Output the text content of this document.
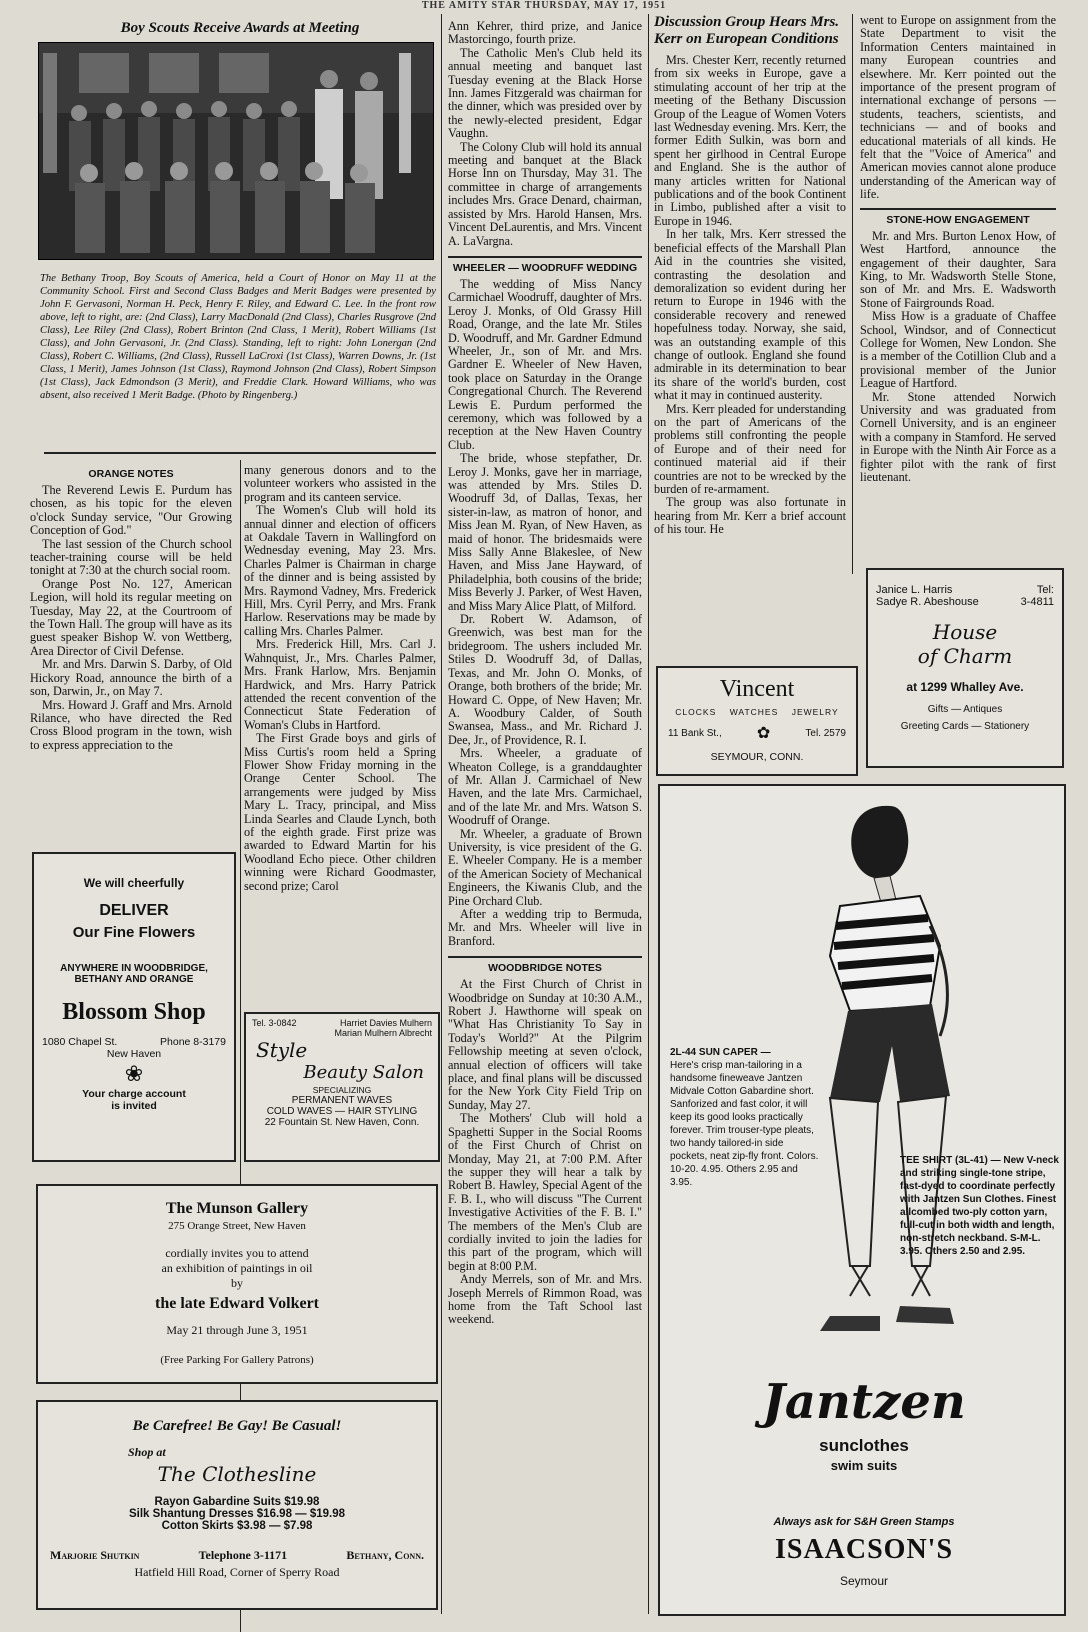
THE AMITY STAR THURSDAY, MAY 17, 1951
Boy Scouts Receive Awards at Meeting
The Bethany Troop, Boy Scouts of America, held a Court of Honor on May 11 at the Community School. First and Second Class Badges and Merit Badges were presented by John F. Gervasoni, Norman H. Peck, Henry F. Riley, and Edward C. Lee. In the front row above, left to right, are: (2nd Class), Larry MacDonald (2nd Class), Charles Rusgrove (2nd Class), Lee Riley (2nd Class), Robert Brinton (2nd Class, 1 Merit), Robert Williams (1st Class), and John Gervasoni, Jr. (2nd Class). Standing, left to right: John Lonergan (2nd Class), Robert C. Williams, (2nd Class), Russell LaCroxi (1st Class), Warren Downs, Jr. (1st Class, 1 Merit), James Johnson (1st Class), Raymond Johnson (2nd Class), Robert Simpson (1st Class), Jack Edmondson (3 Merit), and Freddie Clark. Howard Williams, who was absent, also received 1 Merit Badge. (Photo by Ringenberg.)
ORANGE NOTES

The Reverend Lewis E. Purdum has chosen, as his topic for the eleven o'clock Sunday service, "Our Growing Conception of God."

The last session of the Church school teacher-training course will be held tonight at 7:30 at the church social room.

Orange Post No. 127, American Legion, will hold its regular meeting on Tuesday, May 22, at the Courtroom of the Town Hall. The group will have as its guest speaker Bishop W. von Wettberg, Area Director of Civil Defense.

Mr. and Mrs. Darwin S. Darby, of Old Hickory Road, announce the birth of a son, Darwin, Jr., on May 7.

Mrs. Howard J. Graff and Mrs. Arnold Rilance, who have directed the Red Cross Blood program in the town, wish to express appreciation to the

many generous donors and to the volunteer workers who assisted in the program and its canteen service.

The Women's Club will hold its annual dinner and election of officers at Oakdale Tavern in Wallingford on Wednesday evening, May 23. Mrs. Charles Palmer is Chairman in charge of the dinner and is being assisted by Mrs. Raymond Vadney, Mrs. Frederick Hill, Mrs. Cyril Perry, and Mrs. Frank Harlow. Reservations may be made by calling Mrs. Charles Palmer.

Mrs. Frederick Hill, Mrs. Carl J. Wahnquist, Jr., Mrs. Charles Palmer, Mrs. Frank Harlow, Mrs. Benjamin Hardwick, and Mrs. Harry Patrick attended the recent convention of the Connecticut State Federation of Woman's Clubs in Hartford.

The First Grade boys and girls of Miss Curtis's room held a Spring Flower Show Friday morning in the Orange Center School. The arrangements were judged by Miss Mary L. Tracy, principal, and Miss Linda Searles and Claude Lynch, both of the eighth grade. First prize was awarded to Edward Martin for his Woodland Echo piece. Other children winning were Richard Goodmaster, second prize; Carol

We will cheerfully
DELIVER
Our Fine Flowers
ANYWHERE IN WOODBRIDGE,
BETHANY AND ORANGE
Blossom Shop
1080 Chapel St.	Phone 8-3179
New Haven
❀
Your charge account
is invited
Tel. 3-0842	Harriet Davies Mulhern
Marian Mulhern Albrecht
Style
Beauty Salon
SPECIALIZING
PERMANENT WAVES
COLD WAVES — HAIR STYLING
22 Fountain St. New Haven, Conn.
The Munson Gallery
275 Orange Street, New Haven
cordially invites you to attend
an exhibition of paintings in oil
by
the late Edward Volkert
May 21 through June 3, 1951
(Free Parking For Gallery Patrons)
Be Carefree! Be Gay! Be Casual!
Shop at
The Clothesline
Rayon Gabardine Suits $19.98
Silk Shantung Dresses $16.98 — $19.98
Cotton Skirts $3.98 — $7.98
Marjorie Shutkin	Telephone 3-1171	Bethany, Conn.
Hatfield Hill Road, Corner of Sperry Road

Ann Kehrer, third prize, and Janice Mastorcingo, fourth prize.

The Catholic Men's Club held its annual meeting and banquet last Tuesday evening at the Black Horse Inn. James Fitzgerald was chairman for the dinner, which was presided over by the newly-elected president, Edgar Vaughn.

The Colony Club will hold its annual meeting and banquet at the Black Horse Inn on Thursday, May 31. The committee in charge of arrangements includes Mrs. Grace Denard, chairman, assisted by Mrs. Harold Hansen, Mrs. Vincent DeLaurentis, and Mrs. Vincent A. LaVargna.

WHEELER — WOODRUFF WEDDING

The wedding of Miss Nancy Carmichael Woodruff, daughter of Mrs. Leroy J. Monks, of Old Grassy Hill Road, Orange, and the late Mr. Stiles D. Woodruff, and Mr. Gardner Edmund Wheeler, Jr., son of Mr. and Mrs. Gardner E. Wheeler of New Haven, took place on Saturday in the Orange Congregational Church. The Reverend Lewis E. Purdum performed the ceremony, which was followed by a reception at the New Haven Country Club.

The bride, whose stepfather, Dr. Leroy J. Monks, gave her in marriage, was attended by Mrs. Stiles D. Woodruff 3d, of Dallas, Texas, her sister-in-law, as matron of honor, and Miss Jean M. Ryan, of New Haven, as maid of honor. The bridesmaids were Miss Sally Anne Blakeslee, of New Haven, and Miss Jane Hayward, of Philadelphia, both cousins of the bride; Miss Beverly J. Parker, of West Haven, and Miss Mary Alice Platt, of Milford.

Dr. Robert W. Adamson, of Greenwich, was best man for the bridegroom. The ushers included Mr. Stiles D. Woodruff 3d, of Dallas, Texas, and Mr. John O. Monks, of Orange, both brothers of the bride; Mr. Howard C. Oppe, of New Haven; Mr. A. Woodbury Calder, of South Swansea, Mass., and Mr. Richard J. Dee, Jr., of Providence, R. I.

Mrs. Wheeler, a graduate of Wheaton College, is a granddaughter of Mr. Allan J. Carmichael of New Haven, and the late Mrs. Carmichael, and of the late Mr. and Mrs. Watson S. Woodruff of Orange.

Mr. Wheeler, a graduate of Brown University, is vice president of the G. E. Wheeler Company. He is a member of the American Society of Mechanical Engineers, the Kiwanis Club, and the Pine Orchard Club.

After a wedding trip to Bermuda, Mr. and Mrs. Wheeler will live in Branford.

WOODBRIDGE NOTES

At the First Church of Christ in Woodbridge on Sunday at 10:30 A.M., Robert J. Hawthorne will speak on "What Has Christianity To Say in Today's World?" At the Pilgrim Fellowship meeting at seven o'clock, annual election of officers will take place, and final plans will be discussed for the New York City Field Trip on Sunday, May 27.

The Mothers' Club will hold a Spaghetti Supper in the Social Rooms of the First Church of Christ on Monday, May 21, at 7:00 P.M. After the supper they will hear a talk by Robert B. Hawley, Special Agent of the F. B. I., who will discuss "The Current Investigative Activities of the F. B. I." The members of the Men's Club are cordially invited to join the ladies for this part of the program, which will begin at 8:00 P.M.

Andy Merrels, son of Mr. and Mrs. Joseph Merrels of Rimmon Road, was home from the Taft School last weekend.

Discussion Group Hears Mrs. Kerr on European Conditions

Mrs. Chester Kerr, recently returned from six weeks in Europe, gave a stimulating account of her trip at the meeting of the Bethany Discussion Group of the League of Women Voters last Wednesday evening. Mrs. Kerr, the former Edith Sulkin, was born and spent her girlhood in Central Europe and England. She is the author of many articles written for National publications and of the book Continent in Limbo, published after a visit to Europe in 1946.

In her talk, Mrs. Kerr stressed the beneficial effects of the Marshall Plan Aid in the countries she visited, contrasting the desolation and demoralization so evident during her return to Europe in 1946 with the considerable recovery and renewed hopefulness today. Norway, she said, was an outstanding example of this change of outlook. England she found admirable in its determination to bear its share of the world's burden, cost what it may in continued austerity.

Mrs. Kerr pleaded for understanding on the part of Americans of the problems still confronting the people of Europe and of their need for continued material aid if their countries are not to be wrecked by the burden of re-armament.

The group was also fortunate in hearing from Mr. Kerr a brief account of his tour. He

went to Europe on assignment from the State Department to visit the Information Centers maintained in many European countries and elsewhere. Mr. Kerr pointed out the importance of the present program of international exchange of persons — students, teachers, scientists, and technicians — and of books and educational materials of all kinds. He felt that the "Voice of America" and American movies cannot alone produce understanding of the American way of life.

STONE-HOW ENGAGEMENT

Mr. and Mrs. Burton Lenox How, of West Hartford, announce the engagement of their daughter, Sara King, to Mr. Wadsworth Stelle Stone, son of Mr. and Mrs. E. Wadsworth Stone of Fairgrounds Road.

Miss How is a graduate of Chaffee School, Windsor, and of Connecticut College for Women, New London. She is a member of the Cotillion Club and a provisional member of the Junior League of Hartford.

Mr. Stone attended Norwich University and was graduated from Cornell University, and is an engineer with a company in Stamford. He served in Europe with the Ninth Air Force as a fighter pilot with the rank of first lieutenant.

Vincent
CLOCKS    WATCHES    JEWELRY
11 Bank St., ✿	Tel. 2579
SEYMOUR, CONN.
Janice L. Harris
Sadye R. Abeshouse
Tel:
3-4811
House
of Charm
at 1299 Whalley Ave.
Gifts — Antiques
Greeting Cards — Stationery
2L-44 SUN CAPER —
Here's crisp man-tailoring in a handsome fineweave Jantzen Midvale Cotton Gabardine short. Sanforized and fast color, it will keep its good looks practically forever. Trim trouser-type pleats, two handy tailored-in side pockets, neat zip-fly front. Colors. 10-20. 4.95. Others 2.95 and 3.95.
TEE SHIRT (3L-41) — New V-neck and striking single-tone stripe, fast-dyed to coordinate perfectly with Jantzen Sun Clothes. Finest allcombed two-ply cotton yarn, full-cut in both width and length, non-stretch neckband. S-M-L. 3.95. Others 2.50 and 2.95.
Jantzen
sunclothes
swim suits
Always ask for S&H Green Stamps
ISAACSON'S
Seymour
